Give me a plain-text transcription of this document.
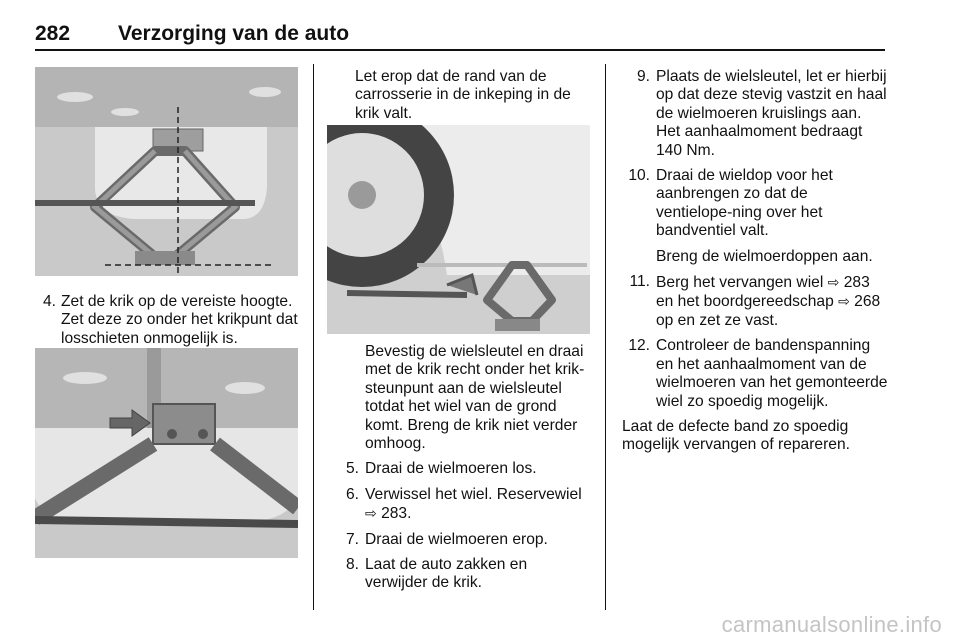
282 Verzorging van de auto
4. Zet de krik op de vereiste hoogte. Zet deze zo onder het krikpunt dat losschieten onmogelijk is.

Let erop dat de rand van de carrosserie in de inkeping in de krik valt.

Bevestig de wielsleutel en draai met de krik recht onder het krik-steunpunt aan de wielsleutel totdat het wiel van de grond komt. Breng de krik niet verder omhoog.

5. Draai de wielmoeren los.
6. Verwissel het wiel. Reservewiel
⇨ 283.
7. Draai de wielmoeren erop.
8. Laat de auto zakken en verwijder de krik.
9. Plaats de wielsleutel, let er hierbij op dat deze stevig vastzit en haal de wielmoeren kruislings aan. Het aanhaalmoment bedraagt
140 Nm.
10. Draai de wieldop voor het aanbrengen zo dat de ventielope-ning over het bandventiel valt.

Breng de wielmoerdoppen aan.

11. Berg het vervangen wiel ⇨ 283 en het boordgereedschap ⇨ 268 op en zet ze vast.
12. Controleer de bandenspanning en het aanhaalmoment van de wielmoeren van het gemonteerde wiel zo spoedig mogelijk.

Laat de defecte band zo spoedig mogelijk vervangen of repareren.

carmanualsonline.info
